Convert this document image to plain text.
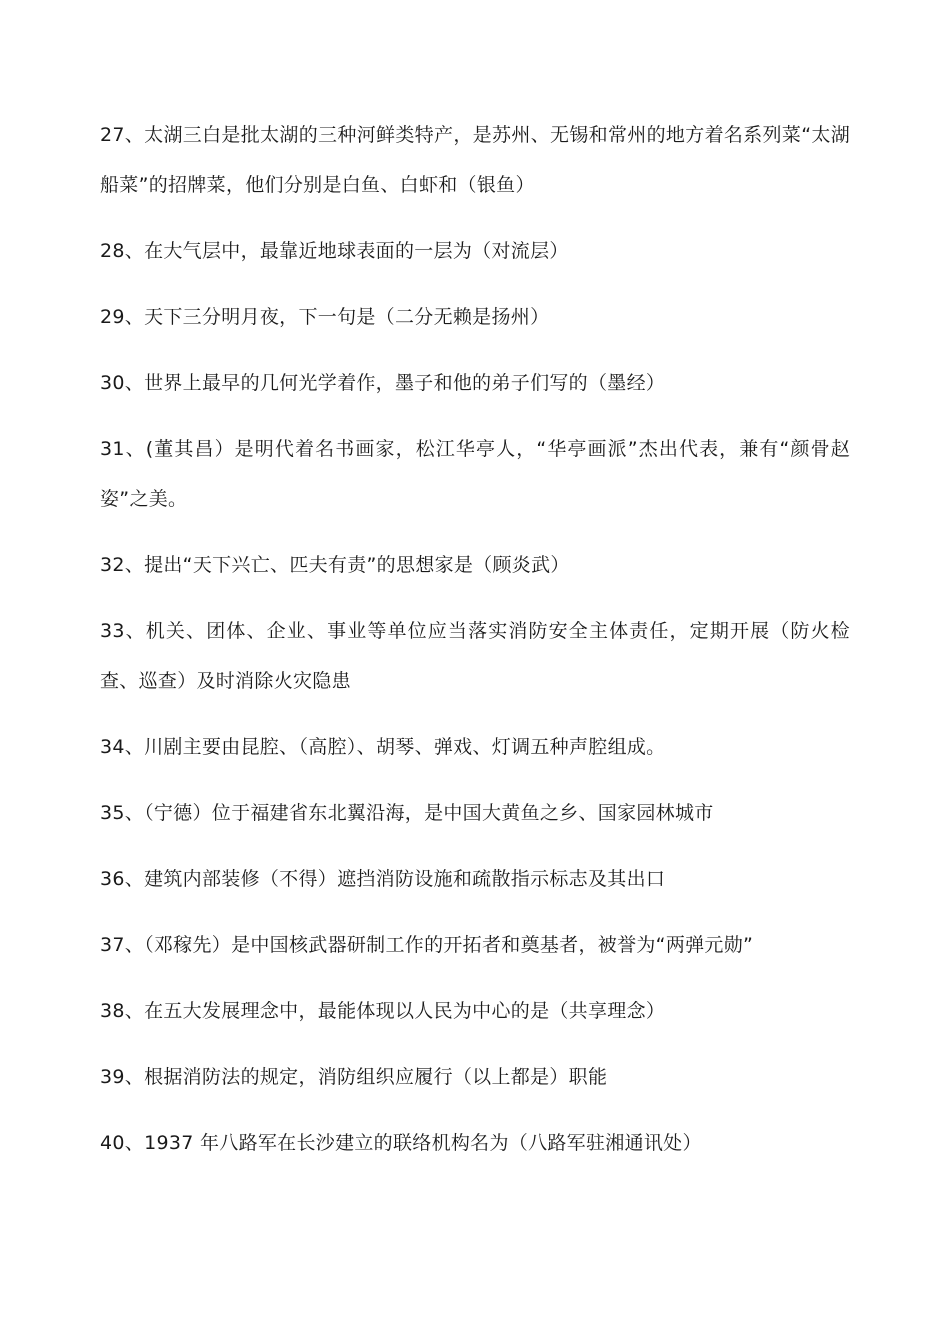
27、太湖三白是批太湖的三种河鲜类特产，是苏州、无锡和常州的地方着名系列菜“太湖船菜”的招牌菜，他们分别是白鱼、白虾和（银鱼）

28、在大气层中，最靠近地球表面的一层为（对流层）

29、天下三分明月夜，下一句是（二分无赖是扬州）

30、世界上最早的几何光学着作，墨子和他的弟子们写的（墨经）

31、(董其昌）是明代着名书画家，松江华亭人，“华亭画派”杰出代表，兼有“颜骨赵姿”之美。

32、提出“天下兴亡、匹夫有责”的思想家是（顾炎武）

33、机关、团体、企业、事业等单位应当落实消防安全主体责任，定期开展（防火检查、巡查）及时消除火灾隐患

34、川剧主要由昆腔、（高腔）、胡琴、弹戏、灯调五种声腔组成。

35、（宁德）位于福建省东北翼沿海，是中国大黄鱼之乡、国家园林城市

36、建筑内部装修（不得）遮挡消防设施和疏散指示标志及其出口

37、（邓稼先）是中国核武器研制工作的开拓者和奠基者，被誉为“两弹元勋”

38、在五大发展理念中，最能体现以人民为中心的是（共享理念）

39、根据消防法的规定，消防组织应履行（以上都是）职能

40、1937 年八路军在长沙建立的联络机构名为（八路军驻湘通讯处）
